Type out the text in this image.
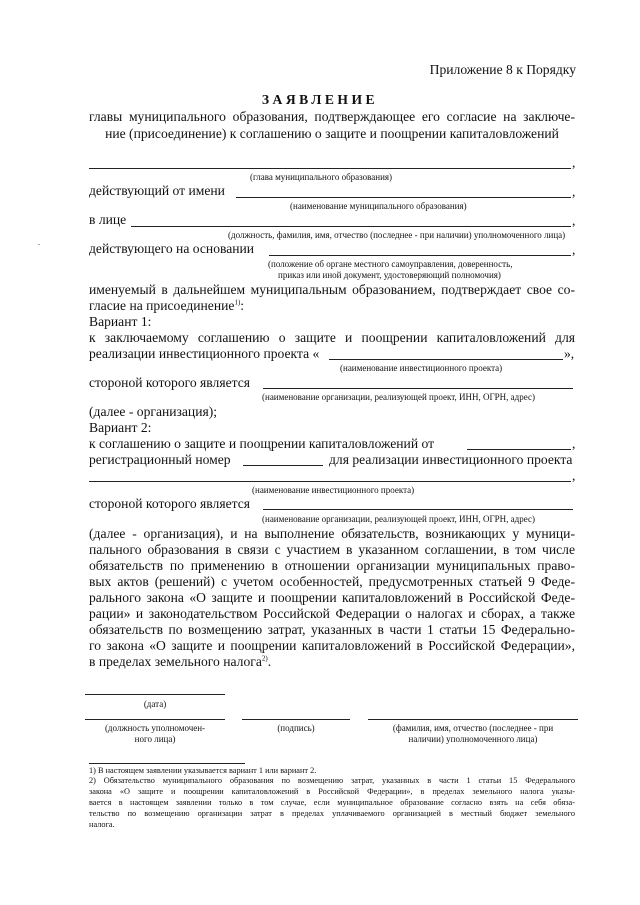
.
Приложение 8 к Порядку
ЗАЯВЛЕНИЕ
главы муниципального образования, подтверждающее его согласие на заключе-
ние (присоединение) к соглашению о защите и поощрении капиталовложений
,
(глава муниципального образования)
действующий от имени	,
(наименование муниципального образования)
в лице	,
(должность, фамилия, имя, отчество (последнее - при наличии) уполномоченного лица)
действующего на основании	,
(положение об органе местного самоуправления, доверенность,
приказ или иной документ, удостоверяющий полномочия)
именуемый в дальнейшем муниципальным образованием, подтверждает свое со-
гласие на присоединение$^{1)}$:
Вариант 1:
к заключаемому соглашению о защите и поощрении капиталовложений для
реализации инвестиционного проекта «	»,
(наименование инвестиционного проекта)
стороной которого является
(наименование организации, реализующей проект, ИНН, ОГРН, адрес)
(далее - организация);
Вариант 2:
к соглашению о защите и поощрении капиталовложений от	,
регистрационный номер	для реализации инвестиционного проекта
,
(наименование инвестиционного проекта)
стороной которого является
(наименование организации, реализующей проект, ИНН, ОГРН, адрес)
(далее - организация), и на выполнение обязательств, возникающих у муници-
пального образования в связи с участием в указанном соглашении, в том числе
обязательств по применению в отношении организации муниципальных право-
вых актов (решений) с учетом особенностей, предусмотренных статьей 9 Феде-
рального закона «О защите и поощрении капиталовложений в Российской Феде-
рации» и законодательством Российской Федерации о налогах и сборах, а также
обязательств по возмещению затрат, указанных в части 1 статьи 15 Федерально-
го закона «О защите и поощрении капиталовложений в Российской Федерации»,
в пределах земельного налога$^{2)}$.
(дата)
(должность уполномочен-
ного лица)
(подпись)	(фамилия, имя, отчество (последнее - при
наличии) уполномоченного лица)
1) В настоящем заявлении указывается вариант 1 или вариант 2.
2) Обязательство муниципального образования по возмещению затрат, указанных в части 1 статьи 15 Федерального
закона «О защите и поощрении капиталовложений в Российской Федерации», в пределах земельного налога указы-
вается в настоящем заявлении только в том случае, если муниципальное образование согласно взять на себя обяза-
тельство по возмещению организации затрат в пределах уплачиваемого организацией в местный бюджет земельного
налога.
